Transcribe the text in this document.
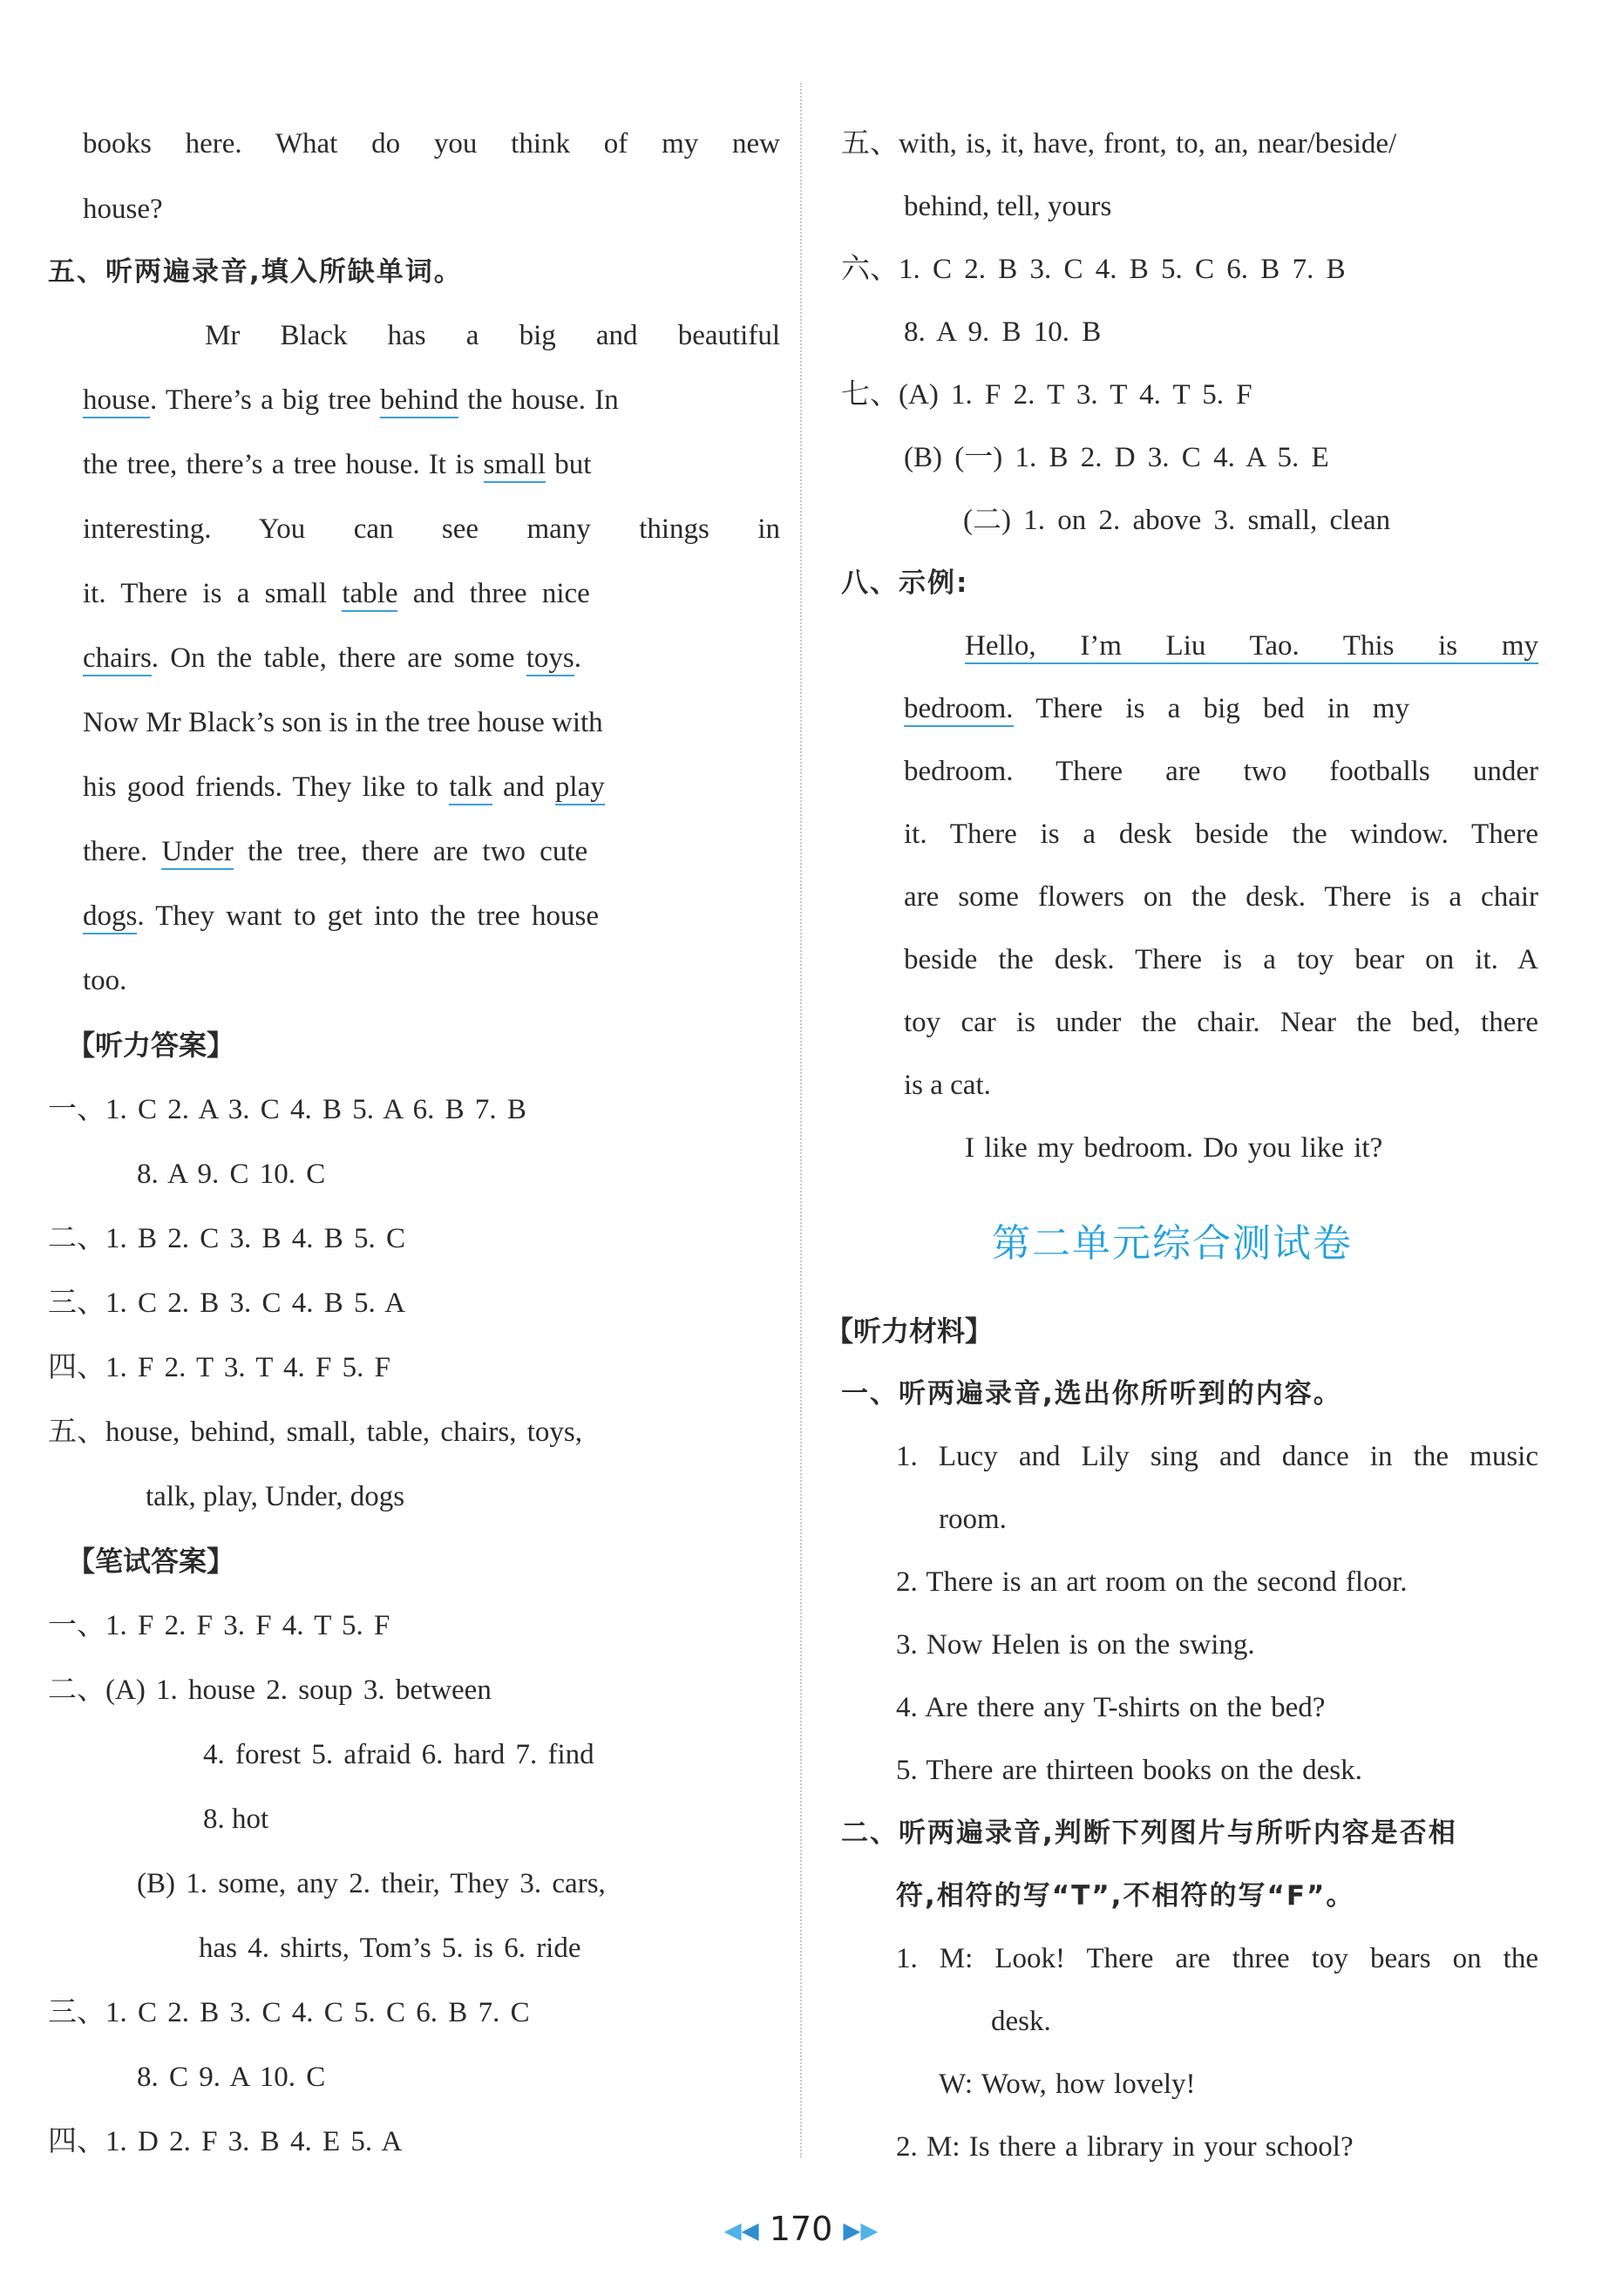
books here. What do you think of my new
house?
五、听两遍录音,填入所缺单词。
Mr Black has a big and beautiful
house. There’s a big tree behind the house. In
the tree, there’s a tree house. It is small but
interesting. You can see many things in
it. There is a small table and three nice
chairs. On the table, there are some toys.
Now Mr Black’s son is in the tree house with
his good friends. They like to talk and play
there. Under the tree, there are two cute
dogs. They want to get into the tree house
too.
【听力答案】
一、1. C 2. A 3. C 4. B 5. A 6. B 7. B
8. A 9. C 10. C
二、1. B 2. C 3. B 4. B 5. C
三、1. C 2. B 3. C 4. B 5. A
四、1. F 2. T 3. T 4. F 5. F
五、house, behind, small, table, chairs, toys,
talk, play, Under, dogs
【笔试答案】
一、1. F 2. F 3. F 4. T 5. F
二、(A) 1. house 2. soup 3. between
4. forest 5. afraid 6. hard 7. find
8. hot
(B) 1. some, any 2. their, They 3. cars,
has 4. shirts, Tom’s 5. is 6. ride
三、1. C 2. B 3. C 4. C 5. C 6. B 7. C
8. C 9. A 10. C
四、1. D 2. F 3. B 4. E 5. A
五、with, is, it, have, front, to, an, near/beside/
behind, tell, yours
六、1. C 2. B 3. C 4. B 5. C 6. B 7. B
8. A 9. B 10. B
七、(A) 1. F 2. T 3. T 4. T 5. F
(B) (一) 1. B 2. D 3. C 4. A 5. E
(二) 1. on 2. above 3. small, clean
八、示例:
Hello, I’m Liu Tao. This is my
bedroom. There is a big bed in my
bedroom. There are two footballs under
it. There is a desk beside the window. There
are some flowers on the desk. There is a chair
beside the desk. There is a toy bear on it. A
toy car is under the chair. Near the bed, there
is a cat.
I like my bedroom. Do you like it?
【听力材料】
一、听两遍录音,选出你所听到的内容。
1. Lucy and Lily sing and dance in the music
room.
2. There is an art room on the second floor.
3. Now Helen is on the swing.
4. Are there any T-shirts on the bed?
5. There are thirteen books on the desk.
二、听两遍录音,判断下列图片与所听内容是否相
符,相符的写“T”,不相符的写“F”。
1. M: Look! There are three toy bears on the
desk.
W: Wow, how lovely!
2. M: Is there a library in your school?
第二单元综合测试卷
◀◀ 170 ▶▶
